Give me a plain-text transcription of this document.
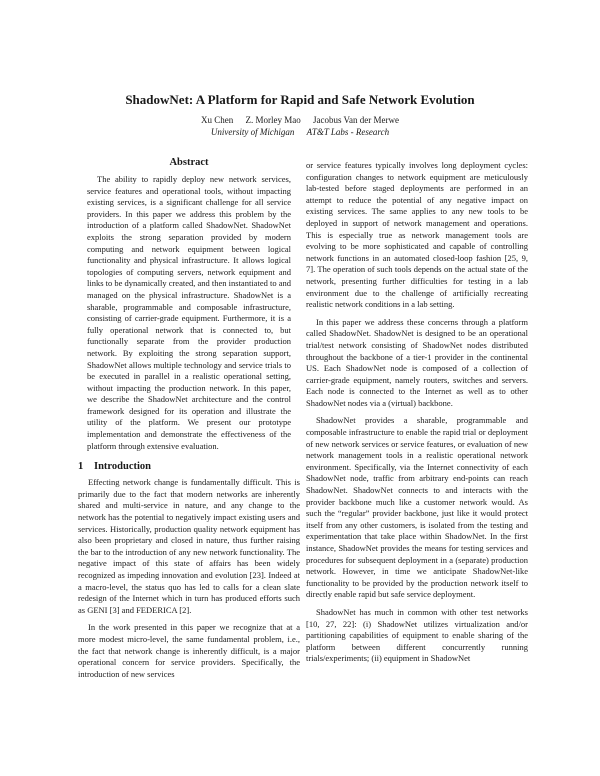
ShadowNet: A Platform for Rapid and Safe Network Evolution
Xu Chen Z. Morley Mao Jacobus Van der Merwe
University of Michigan AT&T Labs - Research
Abstract

The ability to rapidly deploy new network services, service features and operational tools, without impacting existing services, is a significant challenge for all service providers. In this paper we address this problem by the introduction of a platform called ShadowNet. ShadowNet exploits the strong separation provided by modern computing and network equipment between logical functionality and physical infrastructure. It allows logical topologies of computing servers, network equipment and links to be dynamically created, and then instantiated to and managed on the physical infrastructure. ShadowNet is a sharable, programmable and composable infrastructure, consisting of carrier-grade equipment. Furthermore, it is a fully operational network that is connected to, but functionally separate from the provider production network. By exploiting the strong separation support, ShadowNet allows multiple technology and service trials to be executed in parallel in a realistic operational setting, without impacting the production network. In this paper, we describe the ShadowNet architecture and the control framework designed for its operation and illustrate the utility of the platform. We present our prototype implementation and demonstrate the effectiveness of the platform through extensive evaluation.

1 Introduction

Effecting network change is fundamentally difficult. This is primarily due to the fact that modern networks are inherently shared and multi-service in nature, and any change to the network has the potential to negatively impact existing users and services. Historically, production quality network equipment has also been proprietary and closed in nature, thus further raising the bar to the introduction of any new network functionality. The negative impact of this state of affairs has been widely recognized as impeding innovation and evolution [23]. Indeed at a macro-level, the status quo has led to calls for a clean slate redesign of the Internet which in turn has produced efforts such as GENI [3] and FEDERICA [2].

In the work presented in this paper we recognize that at a more modest micro-level, the same fundamental problem, i.e., the fact that network change is inherently difficult, is a major operational concern for service providers. Specifically, the introduction of new services

or service features typically involves long deployment cycles: configuration changes to network equipment are meticulously lab-tested before staged deployments are performed in an attempt to reduce the potential of any negative impact on existing services. The same applies to any new tools to be deployed in support of network management and operations. This is especially true as network management tools are evolving to be more sophisticated and capable of controlling network functions in an automated closed-loop fashion [25, 9, 7]. The operation of such tools depends on the actual state of the network, presenting further difficulties for testing in a lab environment due to the challenge of artificially recreating realistic network conditions in a lab setting.

In this paper we address these concerns through a platform called ShadowNet. ShadowNet is designed to be an operational trial/test network consisting of ShadowNet nodes distributed throughout the backbone of a tier-1 provider in the continental US. Each ShadowNet node is composed of a collection of carrier-grade equipment, namely routers, switches and servers. Each node is connected to the Internet as well as to other ShadowNet nodes via a (virtual) backbone.

ShadowNet provides a sharable, programmable and composable infrastructure to enable the rapid trial or deployment of new network services or service features, or evaluation of new network management tools in a realistic operational network environment. Specifically, via the Internet connectivity of each ShadowNet node, traffic from arbitrary end-points can reach ShadowNet. ShadowNet connects to and interacts with the provider backbone much like a customer network would. As such the “regular” provider backbone, just like it would protect itself from any other customers, is isolated from the testing and experimentation that take place within ShadowNet. In the first instance, ShadowNet provides the means for testing services and procedures for subsequent deployment in a (separate) production network. However, in time we anticipate ShadowNet-like functionality to be provided by the production network itself to directly enable rapid but safe service deployment.

ShadowNet has much in common with other test networks [10, 27, 22]: (i) ShadowNet utilizes virtualization and/or partitioning capabilities of equipment to enable sharing of the platform between different concurrently running trials/experiments; (ii) equipment in ShadowNet
